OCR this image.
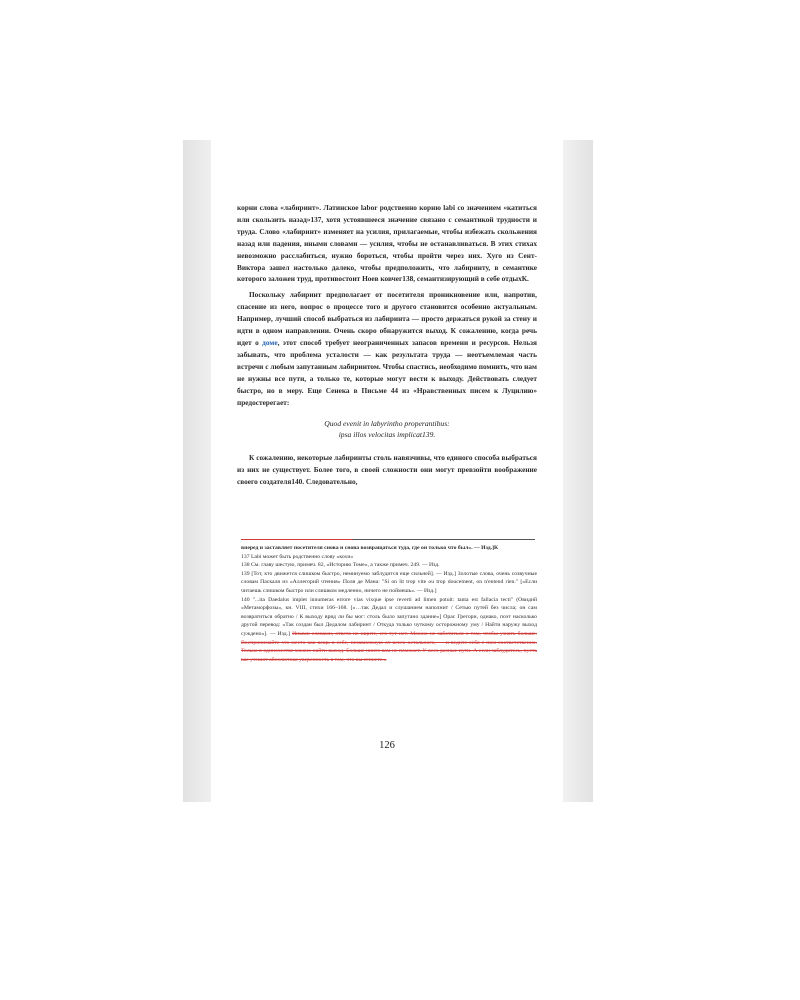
корни слова «лабиринт». Латинское labor родственно корню labi со значением «катиться или скользить назад»137, хотя устоявшееся значение связано с семантикой трудности и труда. Слово «лабиринт» изменяет на усилия, прилагаемые, чтобы избежать скольжения назад или падения, иными словами — усилия, чтобы не останавливаться. В этих стихах невозможно расслабиться, нужно бороться, чтобы пройти через них. Хуго из Сент-Виктора зашел настолько далеко, чтобы предположить, что лабиринту, в семантике которого заложен труд, противостоит Ноев ковчег138, семантизирующий в себе отдыхК.

Поскольку лабиринт предполагает от посетителя проникновение или, напротив, спасение из него, вопрос о процессе того и другого становится особенно актуальным. Например, лучший способ выбраться из лабиринта — просто держаться рукой за стену и идти в одном направлении. Очень скоро обнаружится выход. К сожалению, когда речь идет о доме, этот способ требует неограниченных запасов времени и ресурсов. Нельзя забывать, что проблема усталости — как результата труда — неотъемлемая часть встречи с любым запутанным лабиринтом. Чтобы спастись, необходимо помнить, что нам не нужны все пути, а только те, которые могут вести к выходу. Действовать следует быстро, но в меру. Еще Сенека в Письме 44 из «Нравственных писем к Луцилию» предостерегает:

Quod evenit in labyrintho properantibus:
ipsa illos velocitas implicat139.

К сожалению, некоторые лабиринты столь навязчивы, что единого способа выбраться из них не существует. Более того, в своей сложности они могут превзойти воображение своего создателя140. Следовательно,

вперед и заставляет посетителя снова и снова возвращаться туда, где он только что был». — Изд.]К

137 Labi может быть родственно слову «кохи»

138 См. главу шестую, примеч. 82, «Историю Томе», а также примеч. 249. — Изд.

139 [Тот, кто движется слишком быстро, неминуемо заблудится еще сильней]. — Изд.] Золотые слова, очень созвучные словам Паскаля из «Аллегорий чтения» Поля де Мана: "Si on lit trop vite ou trop doucement, on n'entend rien." [«Если читаешь слишком быстро или слишком медленно, ничего не поймешь». — Изд.]

140 "...ita Daedalus implet innumeras errore vias vixque ipse reverti ad limen potuit: tanta est fallacia tecti" (Овидий «Метаморфозы», кн. VIII, стихи 166–168. [«…так Дедал и слушанием наполнит / Сетью путей без числа; он сам возвратиться обратно / К выходу вряд ли бы мог: столь было запутано здание»] Орас Грегори, однако, поэт насколько другой перевод: «Так создан был Дедалом лабиринт / Откуда только чуткому осторожному уму / Найти наружу выход суждено»]. — Изд.] Иными словами, ответа не ищите, его тут нет. Можно не заботиться о том, чтобы узнать больше. Воспринимайте это место как вещь в себе, независимую от всего остального, — и ведите себя с ним соответственно. Только в одиночестве можно найти выход. Больше никто вам не поможет. У всех разные пути. А если заблудитесь, пусть вас утешит абсолютная уверенность в том, что вы сгниете.»

126
